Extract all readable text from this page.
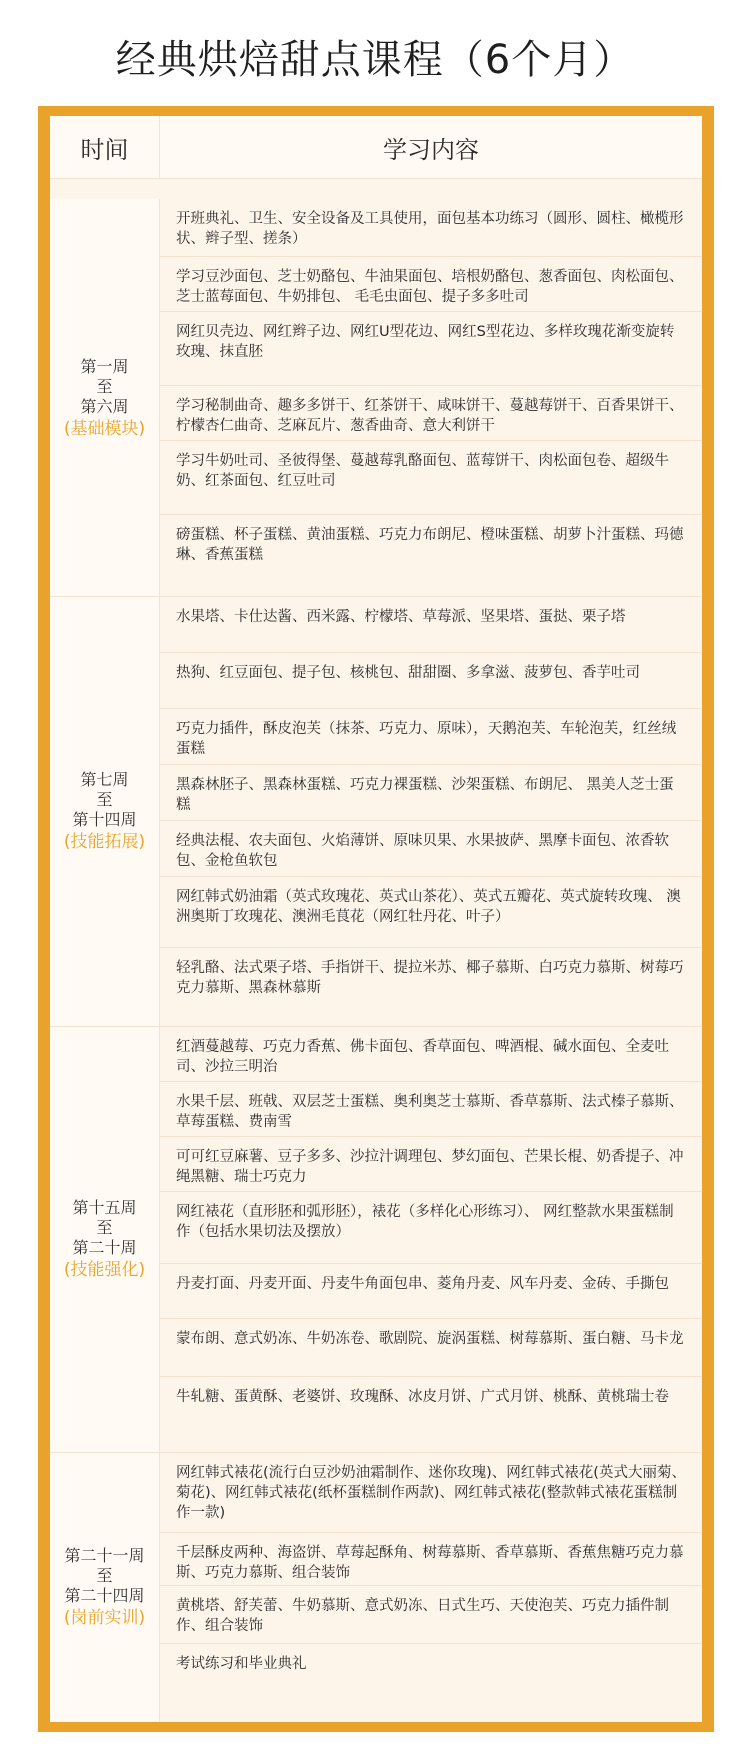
经典烘焙甜点课程（6个月）
时间	学习内容
第一周
至
第六周
(基础模块)
开班典礼、卫生、安全设备及工具使用，面包基本功练习（圆形、圆柱、橄榄形状、辫子型、搓条）
学习豆沙面包、芝士奶酪包、牛油果面包、培根奶酪包、葱香面包、肉松面包、芝士蓝莓面包、牛奶排包、 毛毛虫面包、提子多多吐司
网红贝壳边、网红辫子边、网红U型花边、网红S型花边、多样玫瑰花渐变旋转玫瑰、抹直胚
学习秘制曲奇、趣多多饼干、红茶饼干、咸味饼干、蔓越莓饼干、百香果饼干、柠檬杏仁曲奇、芝麻瓦片、葱香曲奇、意大利饼干
学习牛奶吐司、圣彼得堡、蔓越莓乳酪面包、蓝莓饼干、肉松面包卷、超级牛奶、红茶面包、红豆吐司
磅蛋糕、杯子蛋糕、黄油蛋糕、巧克力布朗尼、橙味蛋糕、胡萝卜汁蛋糕、玛德琳、香蕉蛋糕
第七周
至
第十四周
(技能拓展)
水果塔、卡仕达酱、西米露、柠檬塔、草莓派、坚果塔、蛋挞、栗子塔
热狗、红豆面包、提子包、核桃包、甜甜圈、多拿滋、菠萝包、香芋吐司
巧克力插件，酥皮泡芙（抹茶、巧克力、原味），天鹅泡芙、车轮泡芙，红丝绒蛋糕
黑森林胚子、黑森林蛋糕、巧克力裸蛋糕、沙架蛋糕、布朗尼、 黑美人芝士蛋糕
经典法棍、农夫面包、火焰薄饼、原味贝果、水果披萨、黑摩卡面包、浓香软包、金枪鱼软包
网红韩式奶油霜（英式玫瑰花、英式山茶花）、英式五瓣花、英式旋转玫瑰、 澳洲奥斯丁玫瑰花、澳洲毛茛花（网红牡丹花、叶子）
轻乳酪、法式栗子塔、手指饼干、提拉米苏、椰子慕斯、白巧克力慕斯、树莓巧克力慕斯、黑森林慕斯
第十五周
至
第二十周
(技能强化)
红酒蔓越莓、巧克力香蕉、佛卡面包、香草面包、啤酒棍、碱水面包、全麦吐司、沙拉三明治
水果千层、班戟、双层芝士蛋糕、奥利奥芝士慕斯、香草慕斯、法式榛子慕斯、草莓蛋糕、费南雪
可可红豆麻薯、豆子多多、沙拉汁调理包、梦幻面包、芒果长棍、奶香提子、冲绳黑糖、瑞士巧克力
网红裱花（直形胚和弧形胚），裱花（多样化心形练习）、 网红整款水果蛋糕制作（包括水果切法及摆放）
丹麦打面、丹麦开面、丹麦牛角面包串、菱角丹麦、风车丹麦、金砖、手撕包
蒙布朗、意式奶冻、牛奶冻卷、歌剧院、旋涡蛋糕、树莓慕斯、蛋白糖、马卡龙
牛轧糖、蛋黄酥、老婆饼、玫瑰酥、冰皮月饼、广式月饼、桃酥、黄桃瑞士卷
第二十一周
至
第二十四周
(岗前实训)
网红韩式裱花(流行白豆沙奶油霜制作、迷你玫瑰)、网红韩式裱花(英式大丽菊、菊花)、网红韩式裱花(纸杯蛋糕制作两款)、网红韩式裱花(整款韩式裱花蛋糕制作一款)
千层酥皮两种、海盗饼、草莓起酥角、树莓慕斯、香草慕斯、香蕉焦糖巧克力慕斯、巧克力慕斯、组合装饰
黄桃塔、舒芙蕾、牛奶慕斯、意式奶冻、日式生巧、天使泡芙、巧克力插件制作、组合装饰
考试练习和毕业典礼
